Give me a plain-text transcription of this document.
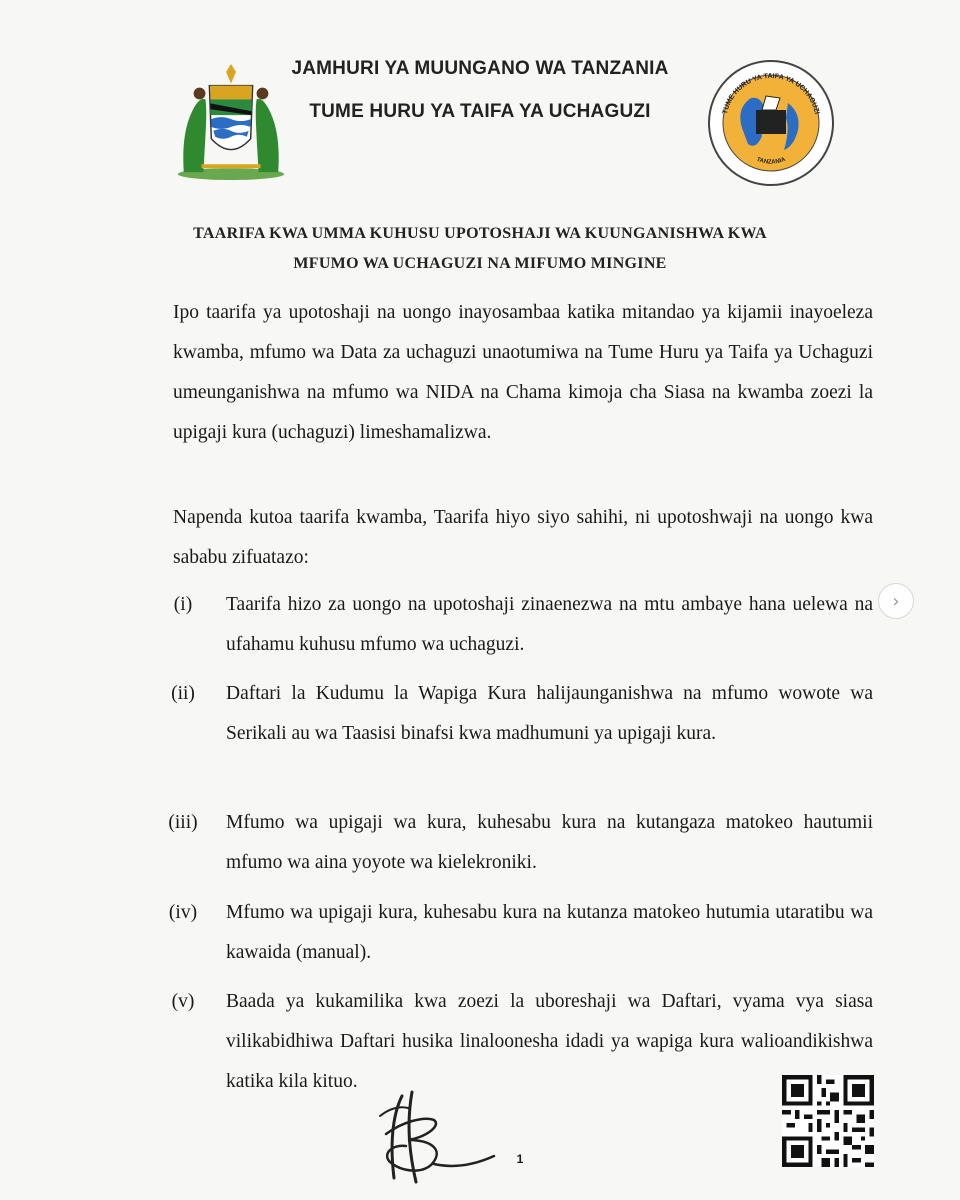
JAMHURI YA MUUNGANO WA TANZANIA
TUME HURU YA TAIFA YA UCHAGUZI	TUME HURU YA TAIFA YA UCHAGUZI
TANZANIA
TAARIFA KWA UMMA KUHUSU UPOTOSHAJI WA KUUNGANISHWA KWA
MFUMO WA UCHAGUZI NA MIFUMO MINGINE
Ipo taarifa ya upotoshaji na uongo inayosambaa katika mitandao ya kijamii inayoeleza kwamba, mfumo wa Data za uchaguzi unaotumiwa na Tume Huru ya Taifa ya Uchaguzi umeunganishwa na mfumo wa NIDA na Chama kimoja cha Siasa na kwamba zoezi la upigaji kura (uchaguzi) limeshamalizwa.
Napenda kutoa taarifa kwamba, Taarifa hiyo siyo sahihi, ni upotoshwaji na uongo kwa sababu zifuatazo:
(i)	Taarifa hizo za uongo na upotoshaji zinaenezwa na mtu ambaye hana uelewa na ufahamu kuhusu mfumo wa uchaguzi.
(ii)	Daftari la Kudumu la Wapiga Kura halijaunganishwa na mfumo wowote wa Serikali au wa Taasisi binafsi kwa madhumuni ya upigaji kura.
(iii)	Mfumo wa upigaji wa kura, kuhesabu kura na kutangaza matokeo hautumii mfumo wa aina yoyote wa kielekroniki.
(iv)	Mfumo wa upigaji kura, kuhesabu kura na kutanza matokeo hutumia utaratibu wa kawaida (manual).
(v)	Baada ya kukamilika kwa zoezi la uboreshaji wa Daftari, vyama vya siasa vilikabidhiwa Daftari husika linaloonesha idadi ya wapiga kura walioandikishwa katika kila kituo.
›
1
